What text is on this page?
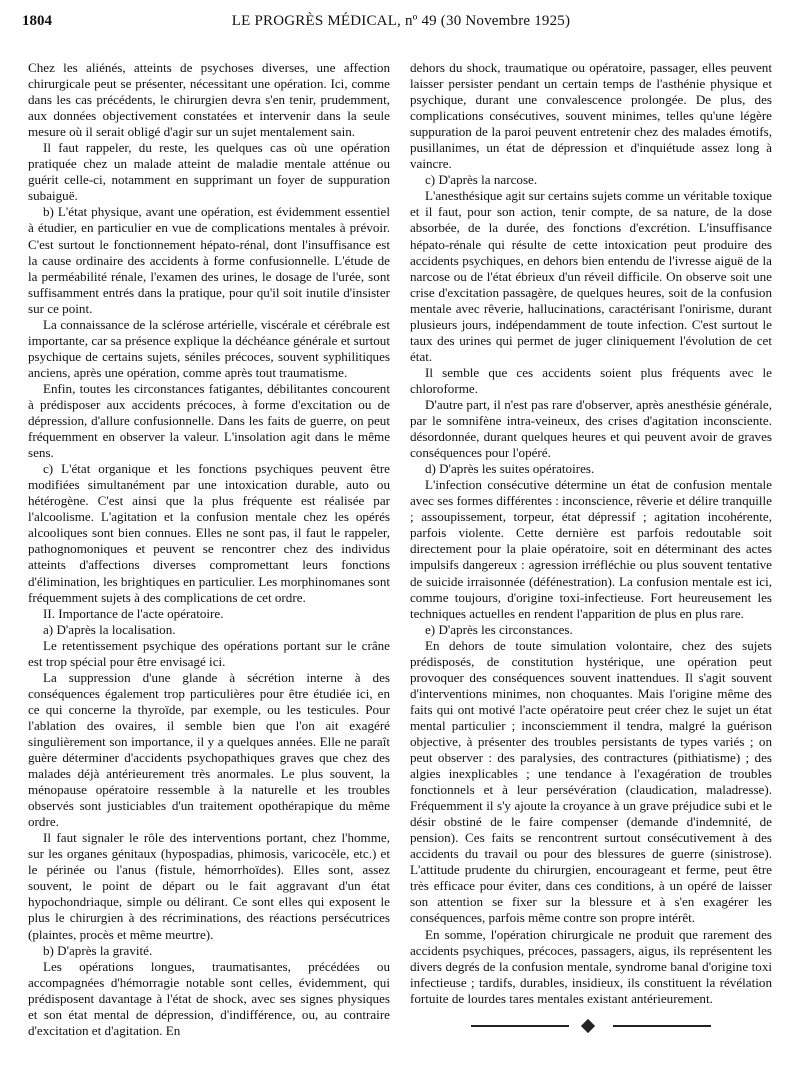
1804	LE PROGRÈS MÉDICAL, nº 49 (30 Novembre 1925)

Chez les aliénés, atteints de psychoses diverses, une affection chirurgicale peut se présenter, nécessitant une opération. Ici, comme dans les cas précédents, le chirurgien devra s'en tenir, prudemment, aux données objectivement constatées et intervenir dans la seule mesure où il serait obligé d'agir sur un sujet mentalement sain.

Il faut rappeler, du reste, les quelques cas où une opération pratiquée chez un malade atteint de maladie mentale atténue ou guérit celle-ci, notamment en supprimant un foyer de suppuration subaiguë.

b) L'état physique, avant une opération, est évidemment essentiel à étudier, en particulier en vue de complications mentales à prévoir. C'est surtout le fonctionnement hépato-rénal, dont l'insuffisance est la cause ordinaire des accidents à forme confusionnelle. L'étude de la perméabilité rénale, l'examen des urines, le dosage de l'urée, sont suffisamment entrés dans la pratique, pour qu'il soit inutile d'insister sur ce point.

La connaissance de la sclérose artérielle, viscérale et cérébrale est importante, car sa présence explique la déchéance générale et surtout psychique de certains sujets, séniles précoces, souvent syphilitiques anciens, après une opération, comme après tout traumatisme.

Enfin, toutes les circonstances fatigantes, débilitantes concourent à prédisposer aux accidents précoces, à forme d'excitation ou de dépression, d'allure confusionnelle. Dans les faits de guerre, on peut fréquemment en observer la valeur. L'insolation agit dans le même sens.

c) L'état organique et les fonctions psychiques peuvent être modifiées simultanément par une intoxication durable, auto ou hétérogène. C'est ainsi que la plus fréquente est réalisée par l'alcoolisme. L'agitation et la confusion mentale chez les opérés alcooliques sont bien connues. Elles ne sont pas, il faut le rappeler, pathognomoniques et peuvent se rencontrer chez des individus atteints d'affections diverses compromettant leurs fonctions d'élimination, les brightiques en particulier. Les morphinomanes sont fréquemment sujets à des complications de cet ordre.

II. Importance de l'acte opératoire.

a) D'après la localisation.

Le retentissement psychique des opérations portant sur le crâne est trop spécial pour être envisagé ici.

La suppression d'une glande à sécrétion interne à des conséquences également trop particulières pour être étudiée ici, en ce qui concerne la thyroïde, par exemple, ou les testicules. Pour l'ablation des ovaires, il semble bien que l'on ait exagéré singulièrement son importance, il y a quelques années. Elle ne paraît guère déterminer d'accidents psychopathiques graves que chez des malades déjà antérieurement très anormales. Le plus souvent, la ménopause opératoire ressemble à la naturelle et les troubles observés sont justiciables d'un traitement opothérapique du même ordre.

Il faut signaler le rôle des interventions portant, chez l'homme, sur les organes génitaux (hypospadias, phimosis, varicocèle, etc.) et le périnée ou l'anus (fistule, hémorrhoïdes). Elles sont, assez souvent, le point de départ ou le fait aggravant d'un état hypochondriaque, simple ou délirant. Ce sont elles qui exposent le plus le chirurgien à des récriminations, des réactions persécutrices (plaintes, procès et même meurtre).

b) D'après la gravité.

Les opérations longues, traumatisantes, précédées ou accompagnées d'hémorragie notable sont celles, évidemment, qui prédisposent davantage à l'état de shock, avec ses signes physiques et son état mental de dépression, d'indifférence, ou, au contraire d'excitation et d'agitation. En

dehors du shock, traumatique ou opératoire, passager, elles peuvent laisser persister pendant un certain temps de l'asthénie physique et psychique, durant une convalescence prolongée. De plus, des complications consécutives, souvent minimes, telles qu'une légère suppuration de la paroi peuvent entretenir chez des malades émotifs, pusillanimes, un état de dépression et d'inquiétude assez long à vaincre.

c) D'après la narcose.

L'anesthésique agit sur certains sujets comme un véritable toxique et il faut, pour son action, tenir compte, de sa nature, de la dose absorbée, de la durée, des fonctions d'excrétion. L'insuffisance hépato-rénale qui résulte de cette intoxication peut produire des accidents psychiques, en dehors bien entendu de l'ivresse aiguë de la narcose ou de l'état ébrieux d'un réveil difficile. On observe soit une crise d'excitation passagère, de quelques heures, soit de la confusion mentale avec rêverie, hallucinations, caractérisant l'onirisme, durant plusieurs jours, indépendamment de toute infection. C'est surtout le taux des urines qui permet de juger cliniquement l'évolution de cet état.

Il semble que ces accidents soient plus fréquents avec le chloroforme.

D'autre part, il n'est pas rare d'observer, après anesthésie générale, par le somnifène intra-veineux, des crises d'agitation inconsciente. désordonnée, durant quelques heures et qui peuvent avoir de graves conséquences pour l'opéré.

d) D'après les suites opératoires.

L'infection consécutive détermine un état de confusion mentale avec ses formes différentes : inconscience, rêverie et délire tranquille ; assoupissement, torpeur, état dépressif ; agitation incohérente, parfois violente. Cette dernière est parfois redoutable soit directement pour la plaie opératoire, soit en déterminant des actes impulsifs dangereux : agression irréfléchie ou plus souvent tentative de suicide irraisonnée (défénestration). La confusion mentale est ici, comme toujours, d'origine toxi-infectieuse. Fort heureusement les techniques actuelles en rendent l'apparition de plus en plus rare.

e) D'après les circonstances.

En dehors de toute simulation volontaire, chez des sujets prédisposés, de constitution hystérique, une opération peut provoquer des conséquences souvent inattendues. Il s'agit souvent d'interventions minimes, non choquantes. Mais l'origine même des faits qui ont motivé l'acte opératoire peut créer chez le sujet un état mental particulier ; inconsciemment il tendra, malgré la guérison objective, à présenter des troubles persistants de types variés ; on peut observer : des paralysies, des contractures (pithiatisme) ; des algies inexplicables ; une tendance à l'exagération de troubles fonctionnels et à leur persévération (claudication, maladresse). Fréquemment il s'y ajoute la croyance à un grave préjudice subi et le désir obstiné de le faire compenser (demande d'indemnité, de pension). Ces faits se rencontrent surtout consécutivement à des accidents du travail ou pour des blessures de guerre (sinistrose). L'attitude prudente du chirurgien, encourageant et ferme, peut être très efficace pour éviter, dans ces conditions, à un opéré de laisser son attention se fixer sur la blessure et à s'en exagérer les conséquences, parfois même contre son propre intérêt.

En somme, l'opération chirurgicale ne produit que rarement des accidents psychiques, précoces, passagers, aigus, ils représentent les divers degrés de la confusion mentale, syndrome banal d'origine toxi infectieuse ; tardifs, durables, insidieux, ils constituent la révélation fortuite de lourdes tares mentales existant antérieurement.
